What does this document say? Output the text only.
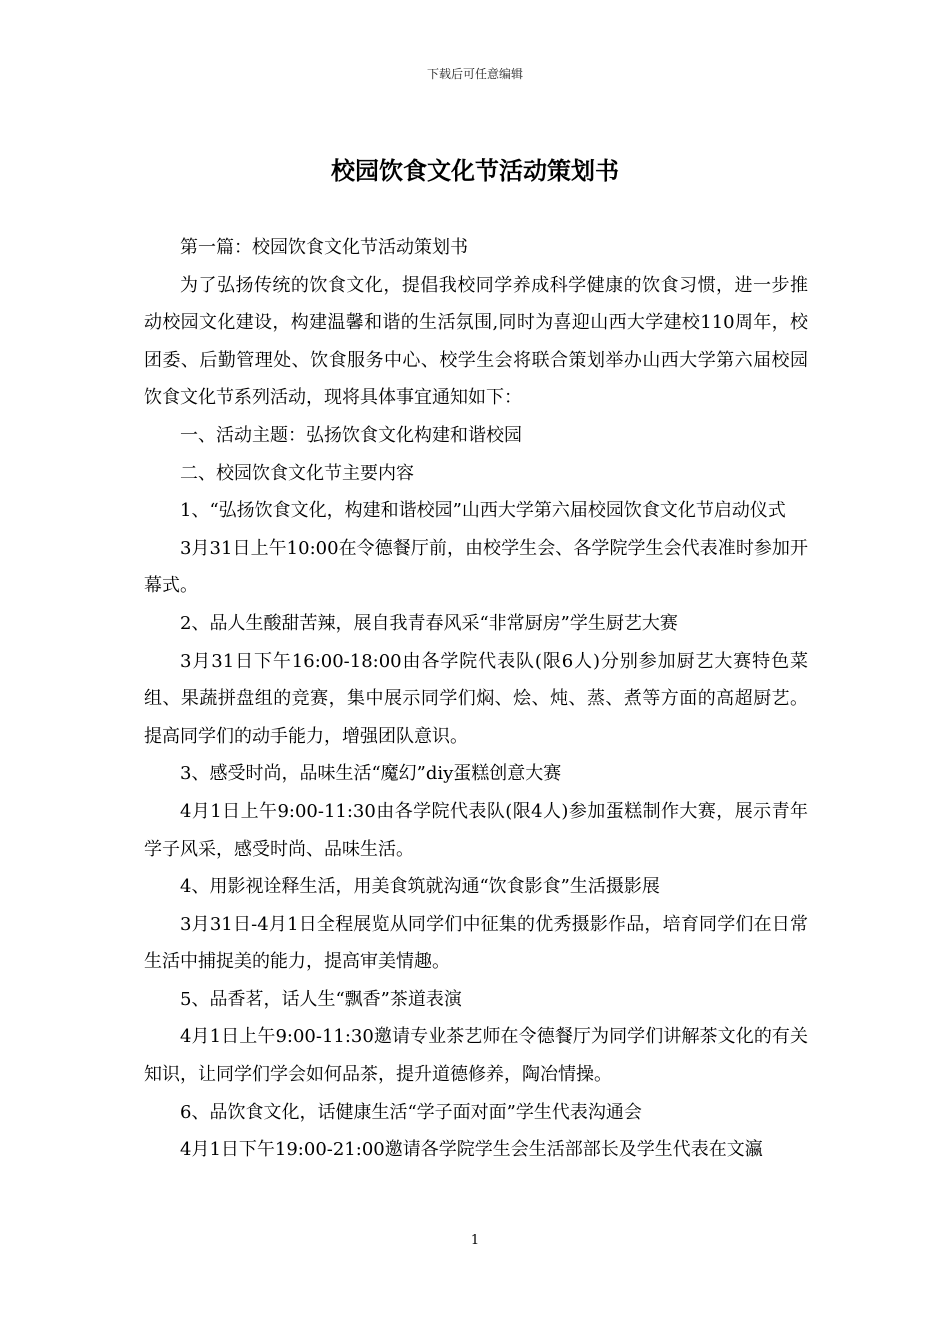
下载后可任意编辑
校园饮食文化节活动策划书

第一篇：校园饮食文化节活动策划书

为了弘扬传统的饮食文化，提倡我校同学养成科学健康的饮食习惯，进一步推动校园文化建设，构建温馨和谐的生活氛围,同时为喜迎山西大学建校110周年，校团委、后勤管理处、饮食服务中心、校学生会将联合策划举办山西大学第六届校园饮食文化节系列活动，现将具体事宜通知如下：

一、活动主题：弘扬饮食文化构建和谐校园

二、校园饮食文化节主要内容

1、“弘扬饮食文化，构建和谐校园”山西大学第六届校园饮食文化节启动仪式

3月31日上午10:00在令德餐厅前，由校学生会、各学院学生会代表准时参加开幕式。

2、品人生酸甜苦辣，展自我青春风采“非常厨房”学生厨艺大赛

3月31日下午16:00-18:00由各学院代表队(限6人)分别参加厨艺大赛特色菜组、果蔬拼盘组的竞赛，集中展示同学们焖、烩、炖、蒸、煮等方面的高超厨艺。提高同学们的动手能力，增强团队意识。

3、感受时尚，品味生活“魔幻”diy蛋糕创意大赛

4月1日上午9:00-11:30由各学院代表队(限4人)参加蛋糕制作大赛，展示青年学子风采，感受时尚、品味生活。

4、用影视诠释生活，用美食筑就沟通“饮食影食”生活摄影展

3月31日-4月1日全程展览从同学们中征集的优秀摄影作品，培育同学们在日常生活中捕捉美的能力，提高审美情趣。

5、品香茗，话人生“飘香”茶道表演

4月1日上午9:00-11:30邀请专业茶艺师在令德餐厅为同学们讲解茶文化的有关知识，让同学们学会如何品茶，提升道德修养，陶冶情操。

6、品饮食文化，话健康生活“学子面对面”学生代表沟通会

4月1日下午19:00-21:00邀请各学院学生会生活部部长及学生代表在文瀛

1
